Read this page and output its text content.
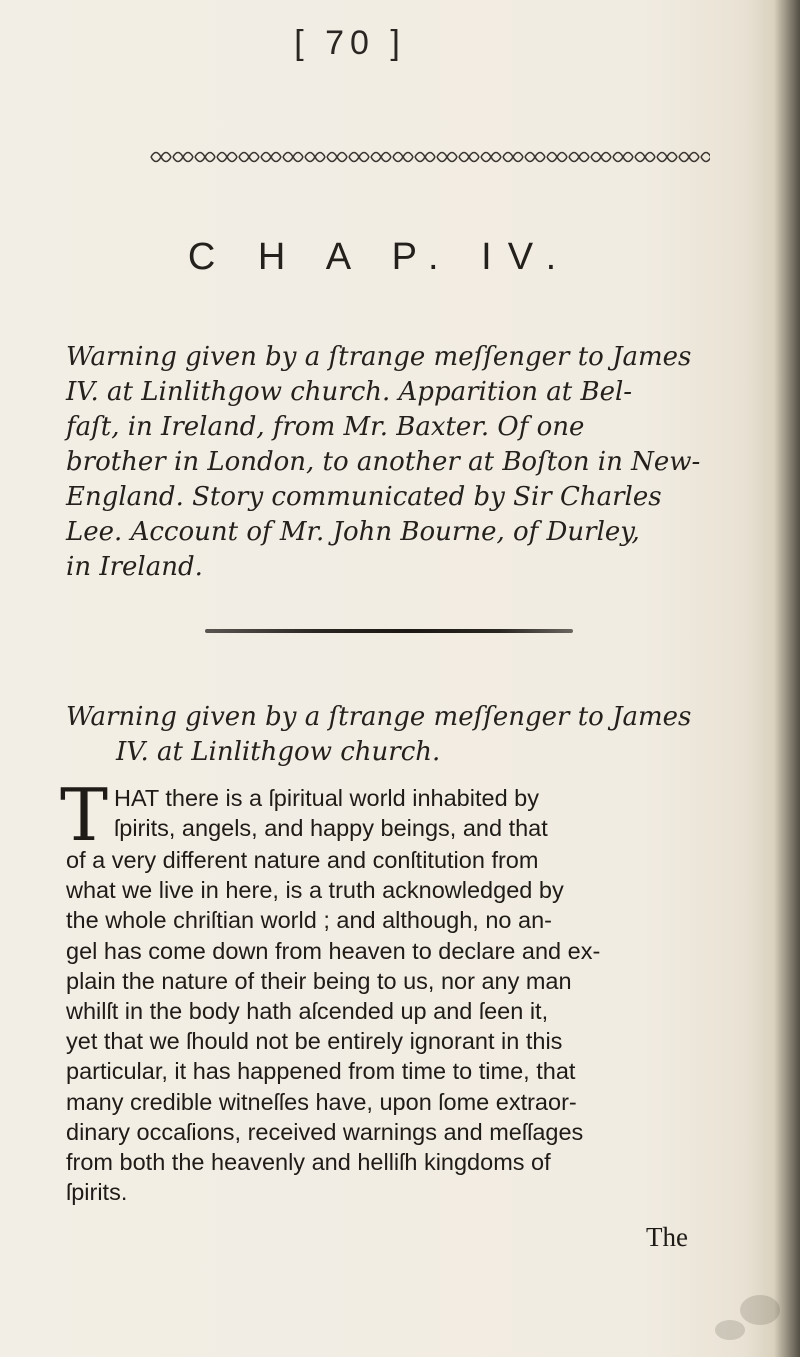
[ 70 ]
C H A P. IV.
Warning given by a ſtrange meſſenger to James
IV. at Linlithgow church. Apparition at Bel-
faſt, in Ireland, from Mr. Baxter. Of one
brother in London, to another at Boſton in New-
England. Story communicated by Sir Charles
Lee. Account of Mr. John Bourne, of Durley,
in Ireland.
Warning given by a ſtrange meſſenger to James
IV. at Linlithgow church.
T HAT there is a ſpiritual world inhabited by
ſpirits, angels, and happy beings, and that
of a very different nature and conſtitution from
what we live in here, is a truth acknowledged by
the whole chriſtian world ; and although, no an-
gel has come down from heaven to declare and ex-
plain the nature of their being to us, nor any man
whilſt in the body hath aſcended up and ſeen it,
yet that we ſhould not be entirely ignorant in this
particular, it has happened from time to time, that
many credible witneſſes have, upon ſome extraor-
dinary occaſions, received warnings and meſſages
from both the heavenly and helliſh kingdoms of
ſpirits.
The
